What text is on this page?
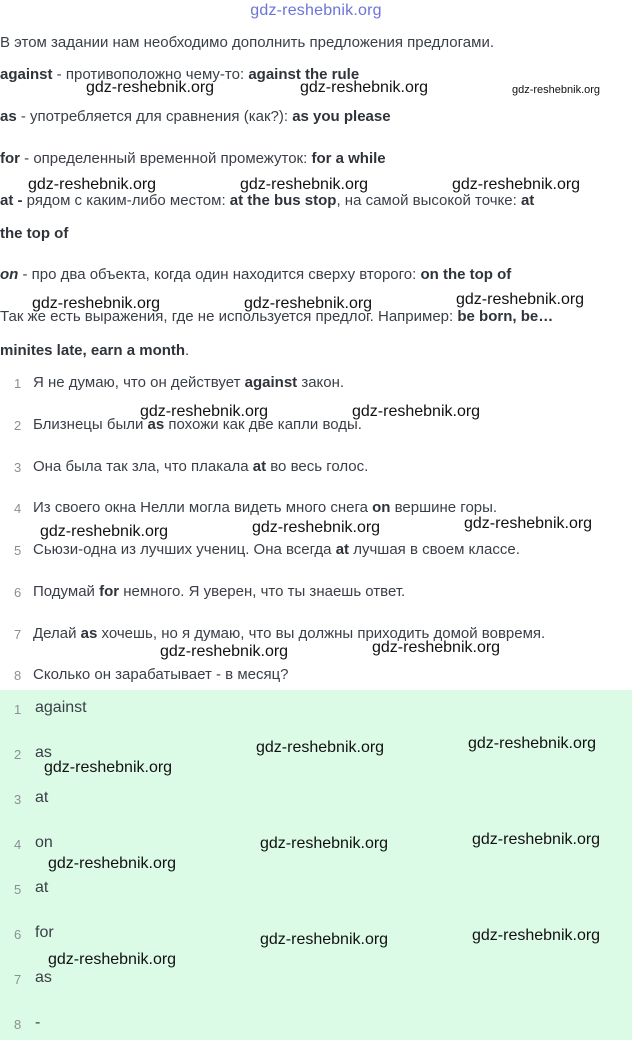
gdz-reshebnik.org
В этом задании нам необходимо дополнить предложения предлогами.
against - противоположно чему-то: against the rule
as - употребляется для сравнения (как?): as you please
for - определенный временной промежуток: for a while
at - рядом с каким-либо местом: at the bus stop, на самой высокой точке: at
the top of
on - про два объекта, когда один находится сверху второго: on the top of
Так же есть выражения, где не используется предлог. Например: be born, be…
minites late, earn a month.
1 Я не думаю, что он действует against закон.
2 Близнецы были as похожи как две капли воды.
3 Она была так зла, что плакала at во весь голос.
4 Из своего окна Нелли могла видеть много снега on вершине горы.
5 Сьюзи-одна из лучших учениц. Она всегда at лучшая в своем классе.
6 Подумай for немного. Я уверен, что ты знаешь ответ.
7 Делай as хочешь, но я думаю, что вы должны приходить домой вовремя.
8 Сколько он зарабатывает - в месяц?
1 against
2 as
3 at
4 on
5 at
6 for
7 as
8 -
gdz-reshebnik.org	gdz-reshebnik.org	gdz-reshebnik.org
gdz-reshebnik.org	gdz-reshebnik.org	gdz-reshebnik.org
gdz-reshebnik.org	gdz-reshebnik.org	gdz-reshebnik.org
gdz-reshebnik.org	gdz-reshebnik.org
gdz-reshebnik.org	gdz-reshebnik.org	gdz-reshebnik.org
gdz-reshebnik.org	gdz-reshebnik.org
gdz-reshebnik.org	gdz-reshebnik.org
gdz-reshebnik.org
gdz-reshebnik.org	gdz-reshebnik.org
gdz-reshebnik.org
gdz-reshebnik.org	gdz-reshebnik.org
gdz-reshebnik.org
